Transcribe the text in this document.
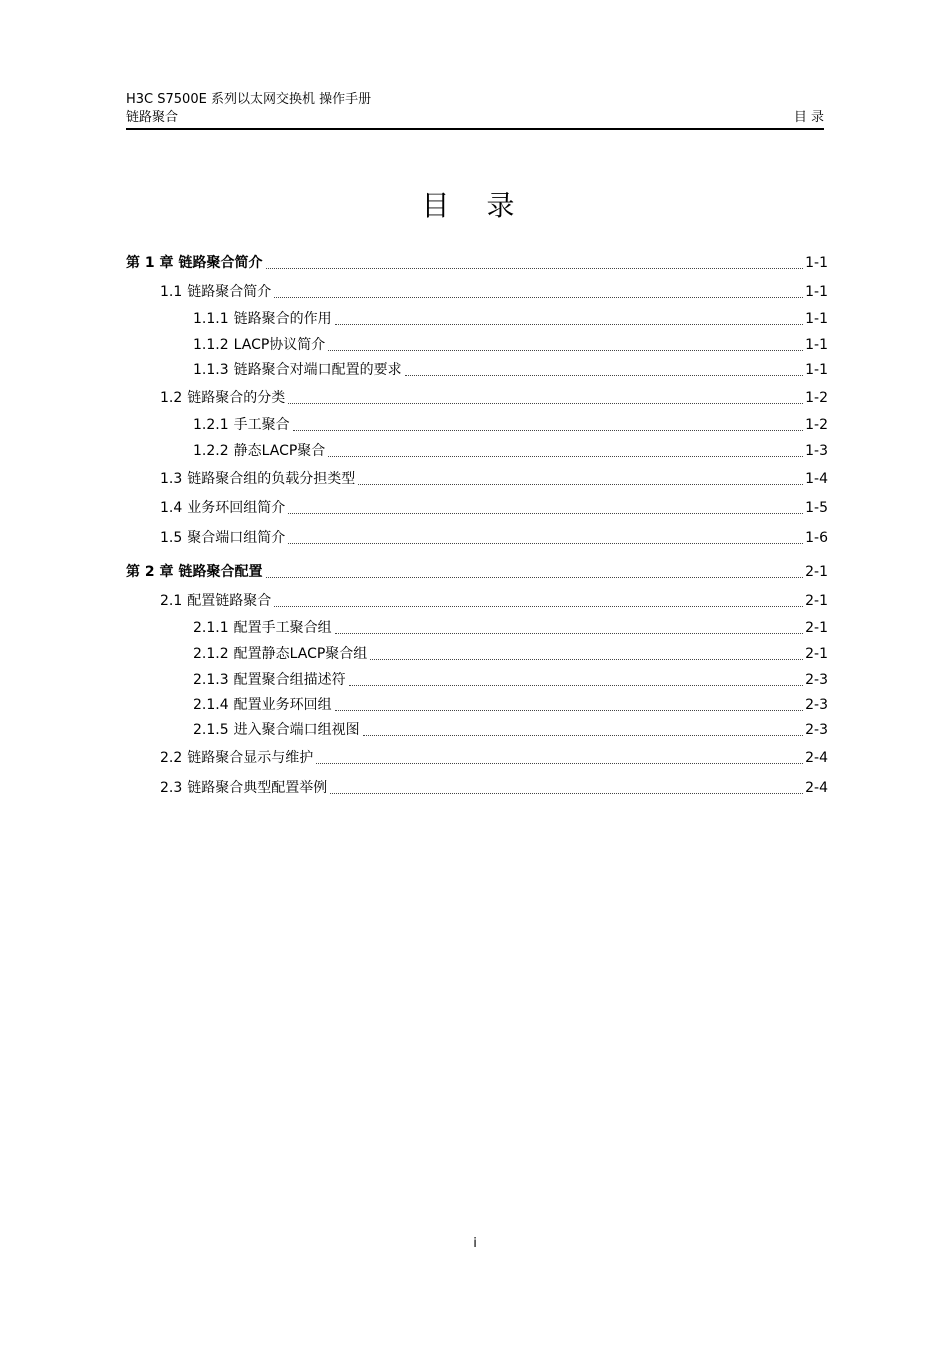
H3C S7500E 系列以太网交换机 操作手册
链路聚合	目 录
目 录
第 1 章 链路聚合简介	1-1
1.1 链路聚合简介	1-1
1.1.1 链路聚合的作用	1-1
1.1.2 LACP协议简介	1-1
1.1.3 链路聚合对端口配置的要求	1-1
1.2 链路聚合的分类	1-2
1.2.1 手工聚合	1-2
1.2.2 静态LACP聚合	1-3
1.3 链路聚合组的负载分担类型	1-4
1.4 业务环回组简介	1-5
1.5 聚合端口组简介	1-6
第 2 章 链路聚合配置	2-1
2.1 配置链路聚合	2-1
2.1.1 配置手工聚合组	2-1
2.1.2 配置静态LACP聚合组	2-1
2.1.3 配置聚合组描述符	2-3
2.1.4 配置业务环回组	2-3
2.1.5 进入聚合端口组视图	2-3
2.2 链路聚合显示与维护	2-4
2.3 链路聚合典型配置举例	2-4
i
